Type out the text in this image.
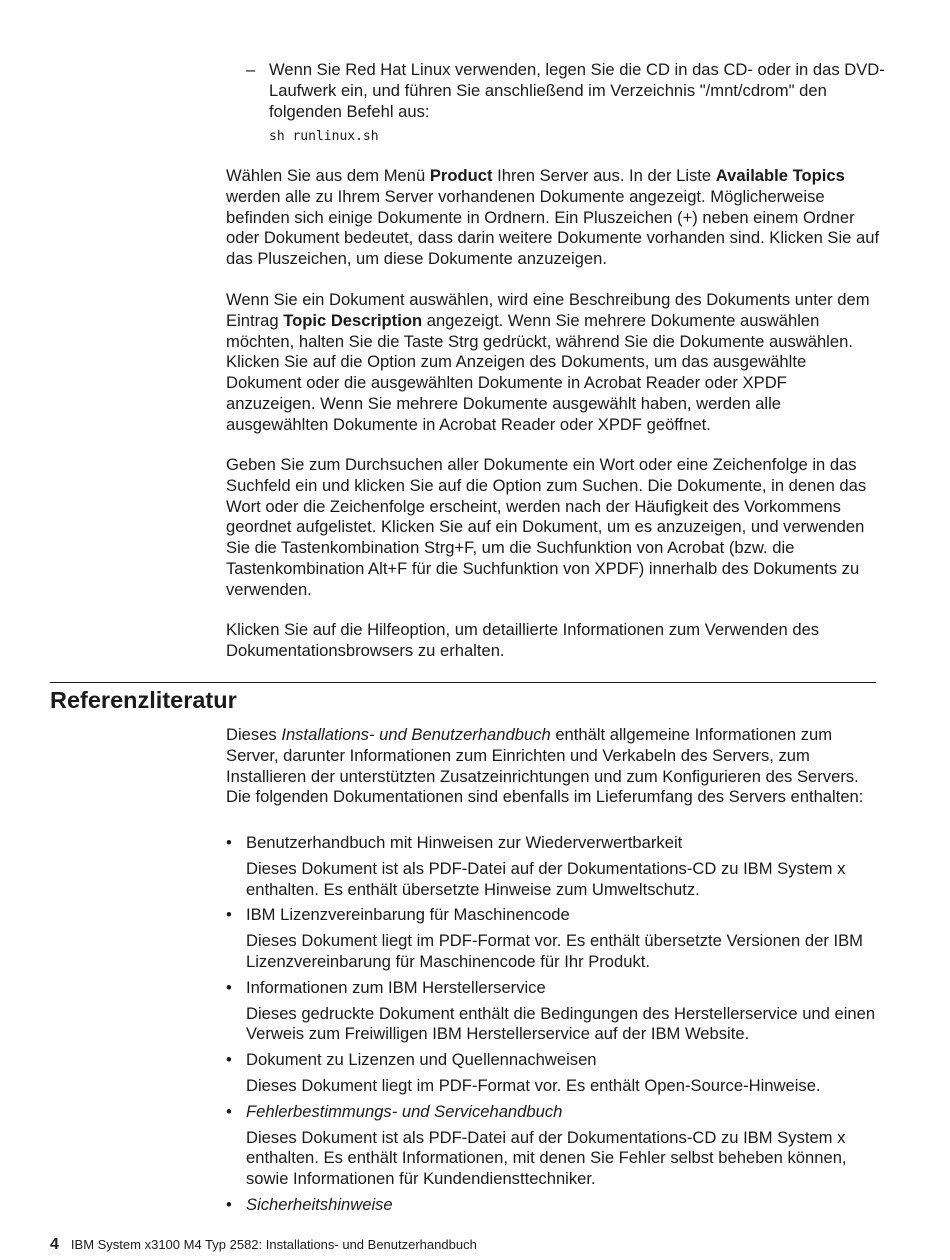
– Wenn Sie Red Hat Linux verwenden, legen Sie die CD in das CD- oder in das DVD-Laufwerk ein, und führen Sie anschließend im Verzeichnis "/mnt/cdrom" den folgenden Befehl aus:
sh runlinux.sh

Wählen Sie aus dem Menü Product Ihren Server aus. In der Liste Available Topics werden alle zu Ihrem Server vorhandenen Dokumente angezeigt. Möglicherweise befinden sich einige Dokumente in Ordnern. Ein Pluszeichen (+) neben einem Ordner oder Dokument bedeutet, dass darin weitere Dokumente vorhanden sind. Klicken Sie auf das Pluszeichen, um diese Dokumente anzuzeigen.

Wenn Sie ein Dokument auswählen, wird eine Beschreibung des Dokuments unter dem Eintrag Topic Description angezeigt. Wenn Sie mehrere Dokumente auswählen möchten, halten Sie die Taste Strg gedrückt, während Sie die Dokumente auswählen. Klicken Sie auf die Option zum Anzeigen des Dokuments, um das ausgewählte Dokument oder die ausgewählten Dokumente in Acrobat Reader oder XPDF anzuzeigen. Wenn Sie mehrere Dokumente ausgewählt haben, werden alle ausgewählten Dokumente in Acrobat Reader oder XPDF geöffnet.

Geben Sie zum Durchsuchen aller Dokumente ein Wort oder eine Zeichenfolge in das Suchfeld ein und klicken Sie auf die Option zum Suchen. Die Dokumente, in denen das Wort oder die Zeichenfolge erscheint, werden nach der Häufigkeit des Vorkommens geordnet aufgelistet. Klicken Sie auf ein Dokument, um es anzuzeigen, und verwenden Sie die Tastenkombination Strg+F, um die Suchfunktion von Acrobat (bzw. die Tastenkombination Alt+F für die Suchfunktion von XPDF) innerhalb des Dokuments zu verwenden.

Klicken Sie auf die Hilfeoption, um detaillierte Informationen zum Verwenden des Dokumentationsbrowsers zu erhalten.

Referenzliteratur

Dieses Installations- und Benutzerhandbuch enthält allgemeine Informationen zum Server, darunter Informationen zum Einrichten und Verkabeln des Servers, zum Installieren der unterstützten Zusatzeinrichtungen und zum Konfigurieren des Servers. Die folgenden Dokumentationen sind ebenfalls im Lieferumfang des Servers enthalten:

• Benutzerhandbuch mit Hinweisen zur Wiederverwertbarkeit
Dieses Dokument ist als PDF-Datei auf der Dokumentations-CD zu IBM System x enthalten. Es enthält übersetzte Hinweise zum Umweltschutz.
• IBM Lizenzvereinbarung für Maschinencode
Dieses Dokument liegt im PDF-Format vor. Es enthält übersetzte Versionen der IBM Lizenzvereinbarung für Maschinencode für Ihr Produkt.
• Informationen zum IBM Herstellerservice
Dieses gedruckte Dokument enthält die Bedingungen des Herstellerservice und einen Verweis zum Freiwilligen IBM Herstellerservice auf der IBM Website.
• Dokument zu Lizenzen und Quellennachweisen
Dieses Dokument liegt im PDF-Format vor. Es enthält Open-Source-Hinweise.
• Fehlerbestimmungs- und Servicehandbuch
Dieses Dokument ist als PDF-Datei auf der Dokumentations-CD zu IBM System x enthalten. Es enthält Informationen, mit denen Sie Fehler selbst beheben können, sowie Informationen für Kundendiensttechniker.
• Sicherheitshinweise
4 IBM System x3100 M4 Typ 2582: Installations- und Benutzerhandbuch
